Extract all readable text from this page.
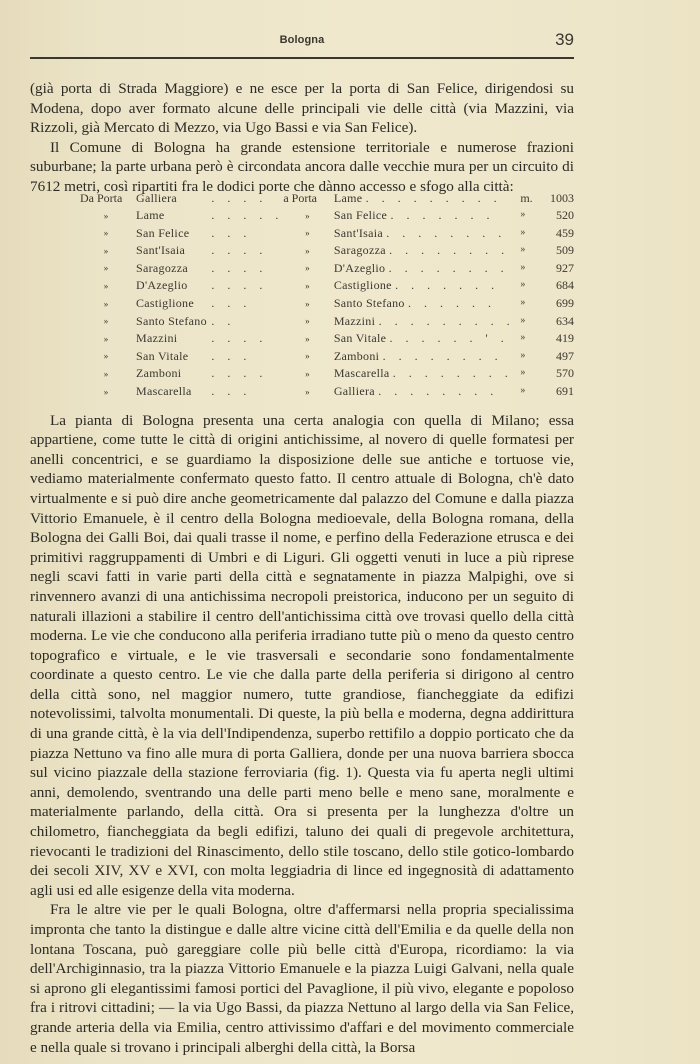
Bologna	39

(già porta di Strada Maggiore) e ne esce per la porta di San Felice, dirigendosi su Modena, dopo aver formato alcune delle principali vie delle città (via Mazzini, via Rizzoli, già Mercato di Mezzo, via Ugo Bassi e via San Felice).

Il Comune di Bologna ha grande estensione territoriale e numerose frazioni suburbane; la parte urbana però è circondata ancora dalle vecchie mura per un circuito di 7612 metri, così ripartiti fra le dodici porte che dànno accesso e sfogo alla città:

La pianta di Bologna presenta una certa analogia con quella di Milano; essa appartiene, come tutte le città di origini antichissime, al novero di quelle formatesi per anelli concentrici, e se guardiamo la disposizione delle sue antiche e tortuose vie, vediamo materialmente confermato questo fatto. Il centro attuale di Bologna, ch'è dato virtualmente e si può dire anche geometricamente dal palazzo del Comune e dalla piazza Vittorio Emanuele, è il centro della Bologna medioevale, della Bologna romana, della Bologna dei Galli Boi, dai quali trasse il nome, e perfino della Federazione etrusca e dei primitivi raggruppamenti di Umbri e di Liguri. Gli oggetti venuti in luce a più riprese negli scavi fatti in varie parti della città e segnatamente in piazza Malpighi, ove si rinvennero avanzi di una antichissima necropoli preistorica, inducono per un seguito di naturali illazioni a stabilire il centro dell'antichissima città ove trovasi quello della città moderna. Le vie che conducono alla periferia irradiano tutte più o meno da questo centro topografico e virtuale, e le vie trasversali e secondarie sono fondamentalmente coordinate a questo centro. Le vie che dalla parte della periferia si dirigono al centro della città sono, nel maggior numero, tutte grandiose, fiancheggiate da edifizi notevolissimi, talvolta monumentali. Di queste, la più bella e moderna, degna addirittura di una grande città, è la via dell'Indipendenza, superbo rettifilo a doppio porticato che da piazza Nettuno va fino alle mura di porta Galliera, donde per una nuova barriera sbocca sul vicino piazzale della stazione ferroviaria (fig. 1). Questa via fu aperta negli ultimi anni, demolendo, sventrando una delle parti meno belle e meno sane, moralmente e materialmente parlando, della città. Ora si presenta per la lunghezza d'oltre un chilometro, fiancheggiata da begli edifizi, taluno dei quali di pregevole architettura, rievocanti le tradizioni del Rinascimento, dello stile toscano, dello stile gotico-lombardo dei secoli XIV, XV e XVI, con molta leggiadria di lince ed ingegnosità di adattamento agli usi ed alle esigenze della vita moderna.

Fra le altre vie per le quali Bologna, oltre d'affermarsi nella propria specialissima impronta che tanto la distingue e dalle altre vicine città dell'Emilia e da quelle della non lontana Toscana, può gareggiare colle più belle città d'Europa, ricordiamo: la via dell'Archiginnasio, tra la piazza Vittorio Emanuele e la piazza Luigi Galvani, nella quale si aprono gli elegantissimi famosi portici del Pavaglione, il più vivo, elegante e popoloso fra i ritrovi cittadini; — la via Ugo Bassi, da piazza Nettuno al largo della via San Felice, grande arteria della via Emilia, centro attivissimo d'affari e del movimento commerciale e nella quale si trovano i principali alberghi della città, la Borsa

Da Porta	Galliera	. . . .	a Porta	Lame . . . . . . . . .	m.	1003
»	Lame	. . . . .	»	San Felice . . . . . . .	»	520
»	San Felice	. . .	»	Sant'Isaia . . . . . . . .	»	459
»	Sant'Isaia	. . . .	»	Saragozza . . . . . . . .	»	509
»	Saragozza	. . . .	»	D'Azeglio . . . . . . . .	»	927
»	D'Azeglio	. . . .	»	Castiglione . . . . . . .	»	684
»	Castiglione	. . .	»	Santo Stefano . . . . . .	»	699
»	Santo Stefano	. .	»	Mazzini . . . . . . . . .	»	634
»	Mazzini	. . . .	»	San Vitale . . . . . . ' .	»	419
»	San Vitale	. . .	»	Zamboni . . . . . . . .	»	497
»	Zamboni	. . . .	»	Mascarella . . . . . . . .	»	570
»	Mascarella	. . .	»	Galliera . . . . . . . .	»	691
